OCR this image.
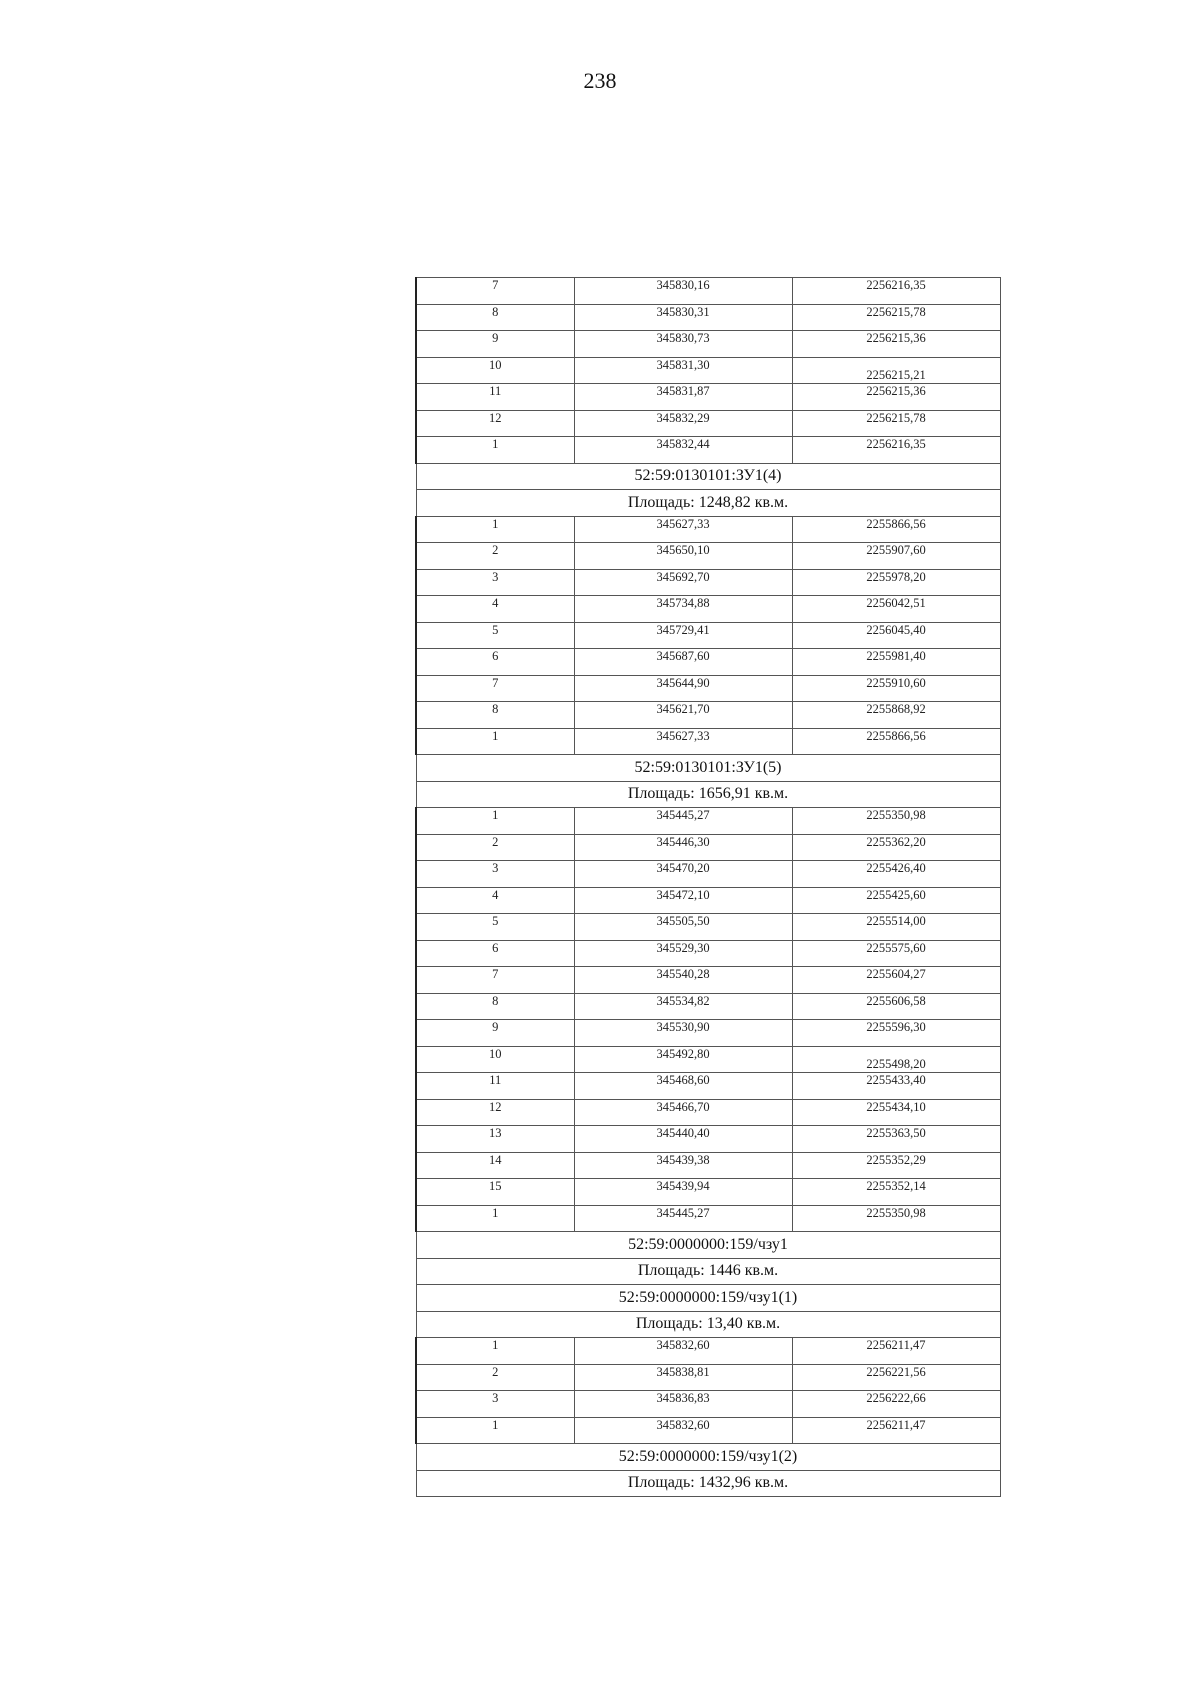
238
7	345830,16	2256216,35
8	345830,31	2256215,78
9	345830,73	2256215,36
10	345831,30	2256215,21
11	345831,87	2256215,36
12	345832,29	2256215,78
1	345832,44	2256216,35
52:59:0130101:ЗУ1(4)		
Площадь: 1248,82 кв.м.		
1	345627,33	2255866,56
2	345650,10	2255907,60
3	345692,70	2255978,20
4	345734,88	2256042,51
5	345729,41	2256045,40
6	345687,60	2255981,40
7	345644,90	2255910,60
8	345621,70	2255868,92
1	345627,33	2255866,56
52:59:0130101:ЗУ1(5)		
Площадь: 1656,91 кв.м.		
1	345445,27	2255350,98
2	345446,30	2255362,20
3	345470,20	2255426,40
4	345472,10	2255425,60
5	345505,50	2255514,00
6	345529,30	2255575,60
7	345540,28	2255604,27
8	345534,82	2255606,58
9	345530,90	2255596,30
10	345492,80	2255498,20
11	345468,60	2255433,40
12	345466,70	2255434,10
13	345440,40	2255363,50
14	345439,38	2255352,29
15	345439,94	2255352,14
1	345445,27	2255350,98
52:59:0000000:159/чзу1		
Площадь: 1446 кв.м.		
52:59:0000000:159/чзу1(1)		
Площадь: 13,40 кв.м.		
1	345832,60	2256211,47
2	345838,81	2256221,56
3	345836,83	2256222,66
1	345832,60	2256211,47
52:59:0000000:159/чзу1(2)		
Площадь: 1432,96 кв.м.		
